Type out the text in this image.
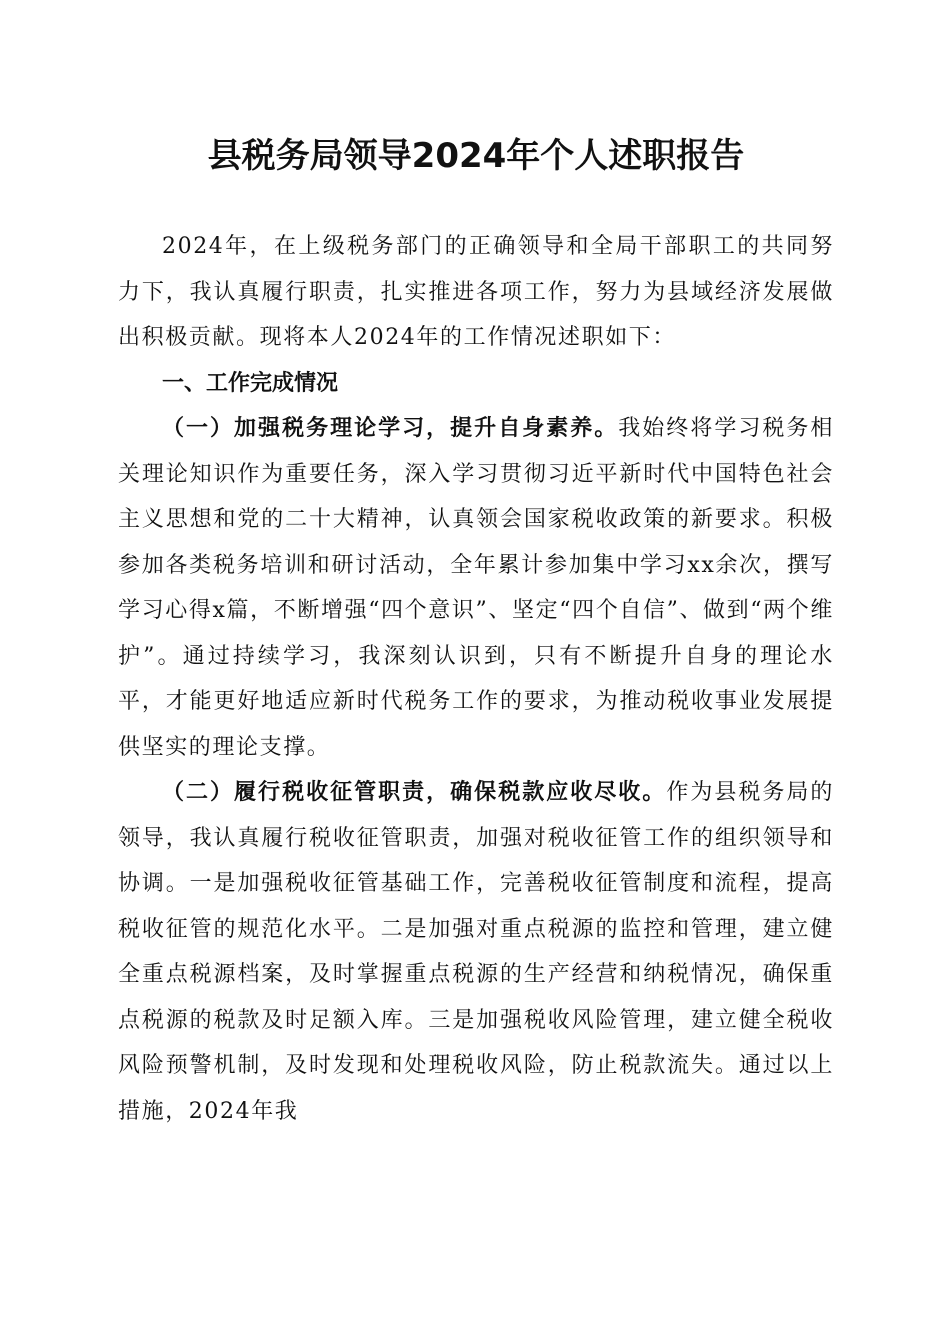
县税务局领导2024年个人述职报告

2024年，在上级税务部门的正确领导和全局干部职工的共同努力下，我认真履行职责，扎实推进各项工作，努力为县域经济发展做出积极贡献。现将本人2024年的工作情况述职如下：

一、工作完成情况

（一）加强税务理论学习，提升自身素养。我始终将学习税务相关理论知识作为重要任务，深入学习贯彻习近平新时代中国特色社会主义思想和党的二十大精神，认真领会国家税收政策的新要求。积极参加各类税务培训和研讨活动，全年累计参加集中学习xx余次，撰写学习心得x篇，不断增强“四个意识”、坚定“四个自信”、做到“两个维护”。通过持续学习，我深刻认识到，只有不断提升自身的理论水平，才能更好地适应新时代税务工作的要求，为推动税收事业发展提供坚实的理论支撑。

（二）履行税收征管职责，确保税款应收尽收。作为县税务局的领导，我认真履行税收征管职责，加强对税收征管工作的组织领导和协调。一是加强税收征管基础工作，完善税收征管制度和流程，提高税收征管的规范化水平。二是加强对重点税源的监控和管理，建立健全重点税源档案，及时掌握重点税源的生产经营和纳税情况，确保重点税源的税款及时足额入库。三是加强税收风险管理，建立健全税收风险预警机制，及时发现和处理税收风险，防止税款流失。通过以上措施，2024年我
